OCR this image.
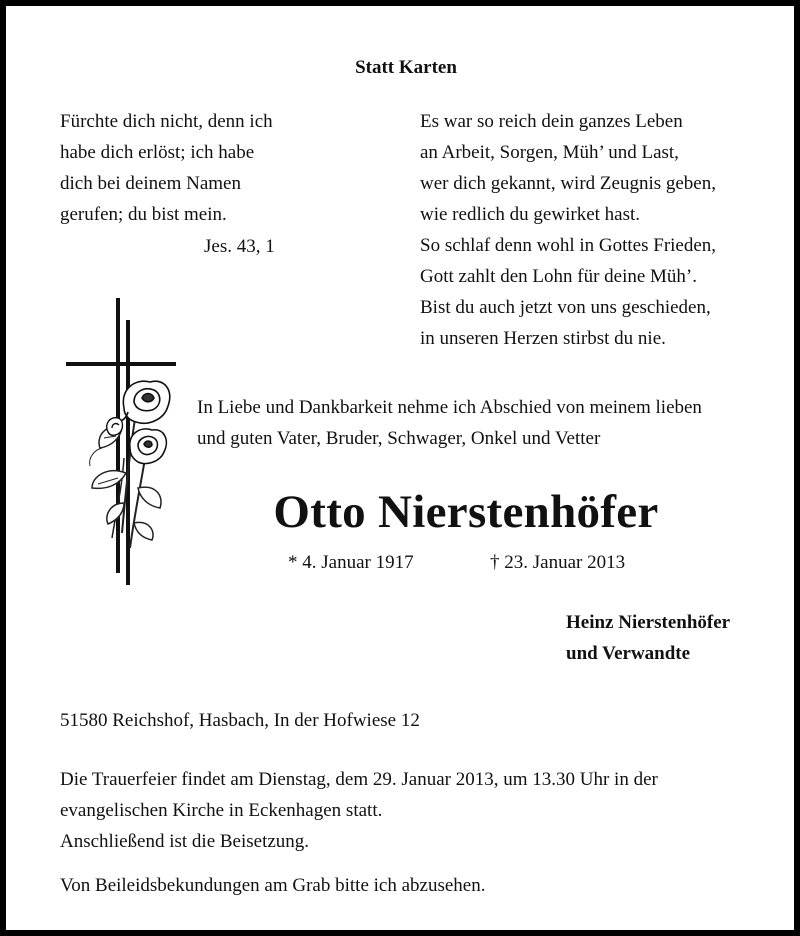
Statt Karten
Fürchte dich nicht, denn ich
habe dich erlöst; ich habe
dich bei deinem Namen
gerufen; du bist mein.
Jes. 43, 1
Es war so reich dein ganzes Leben
an Arbeit, Sorgen, Müh’ und Last,
wer dich gekannt, wird Zeugnis geben,
wie redlich du gewirket hast.
So schlaf denn wohl in Gottes Frieden,
Gott zahlt den Lohn für deine Müh’.
Bist du auch jetzt von uns geschieden,
in unseren Herzen stirbst du nie.
In Liebe und Dankbarkeit nehme ich Abschied von meinem lieben
und guten Vater, Bruder, Schwager, Onkel und Vetter
Otto Nierstenhöfer
* 4. Januar 1917	† 23. Januar 2013
Heinz Nierstenhöfer
und Verwandte
51580 Reichshof, Hasbach, In der Hofwiese 12
Die Trauerfeier findet am Dienstag, dem 29. Januar 2013, um 13.30 Uhr in der
evangelischen Kirche in Eckenhagen statt.
Anschließend ist die Beisetzung.
Von Beileidsbekundungen am Grab bitte ich abzusehen.
